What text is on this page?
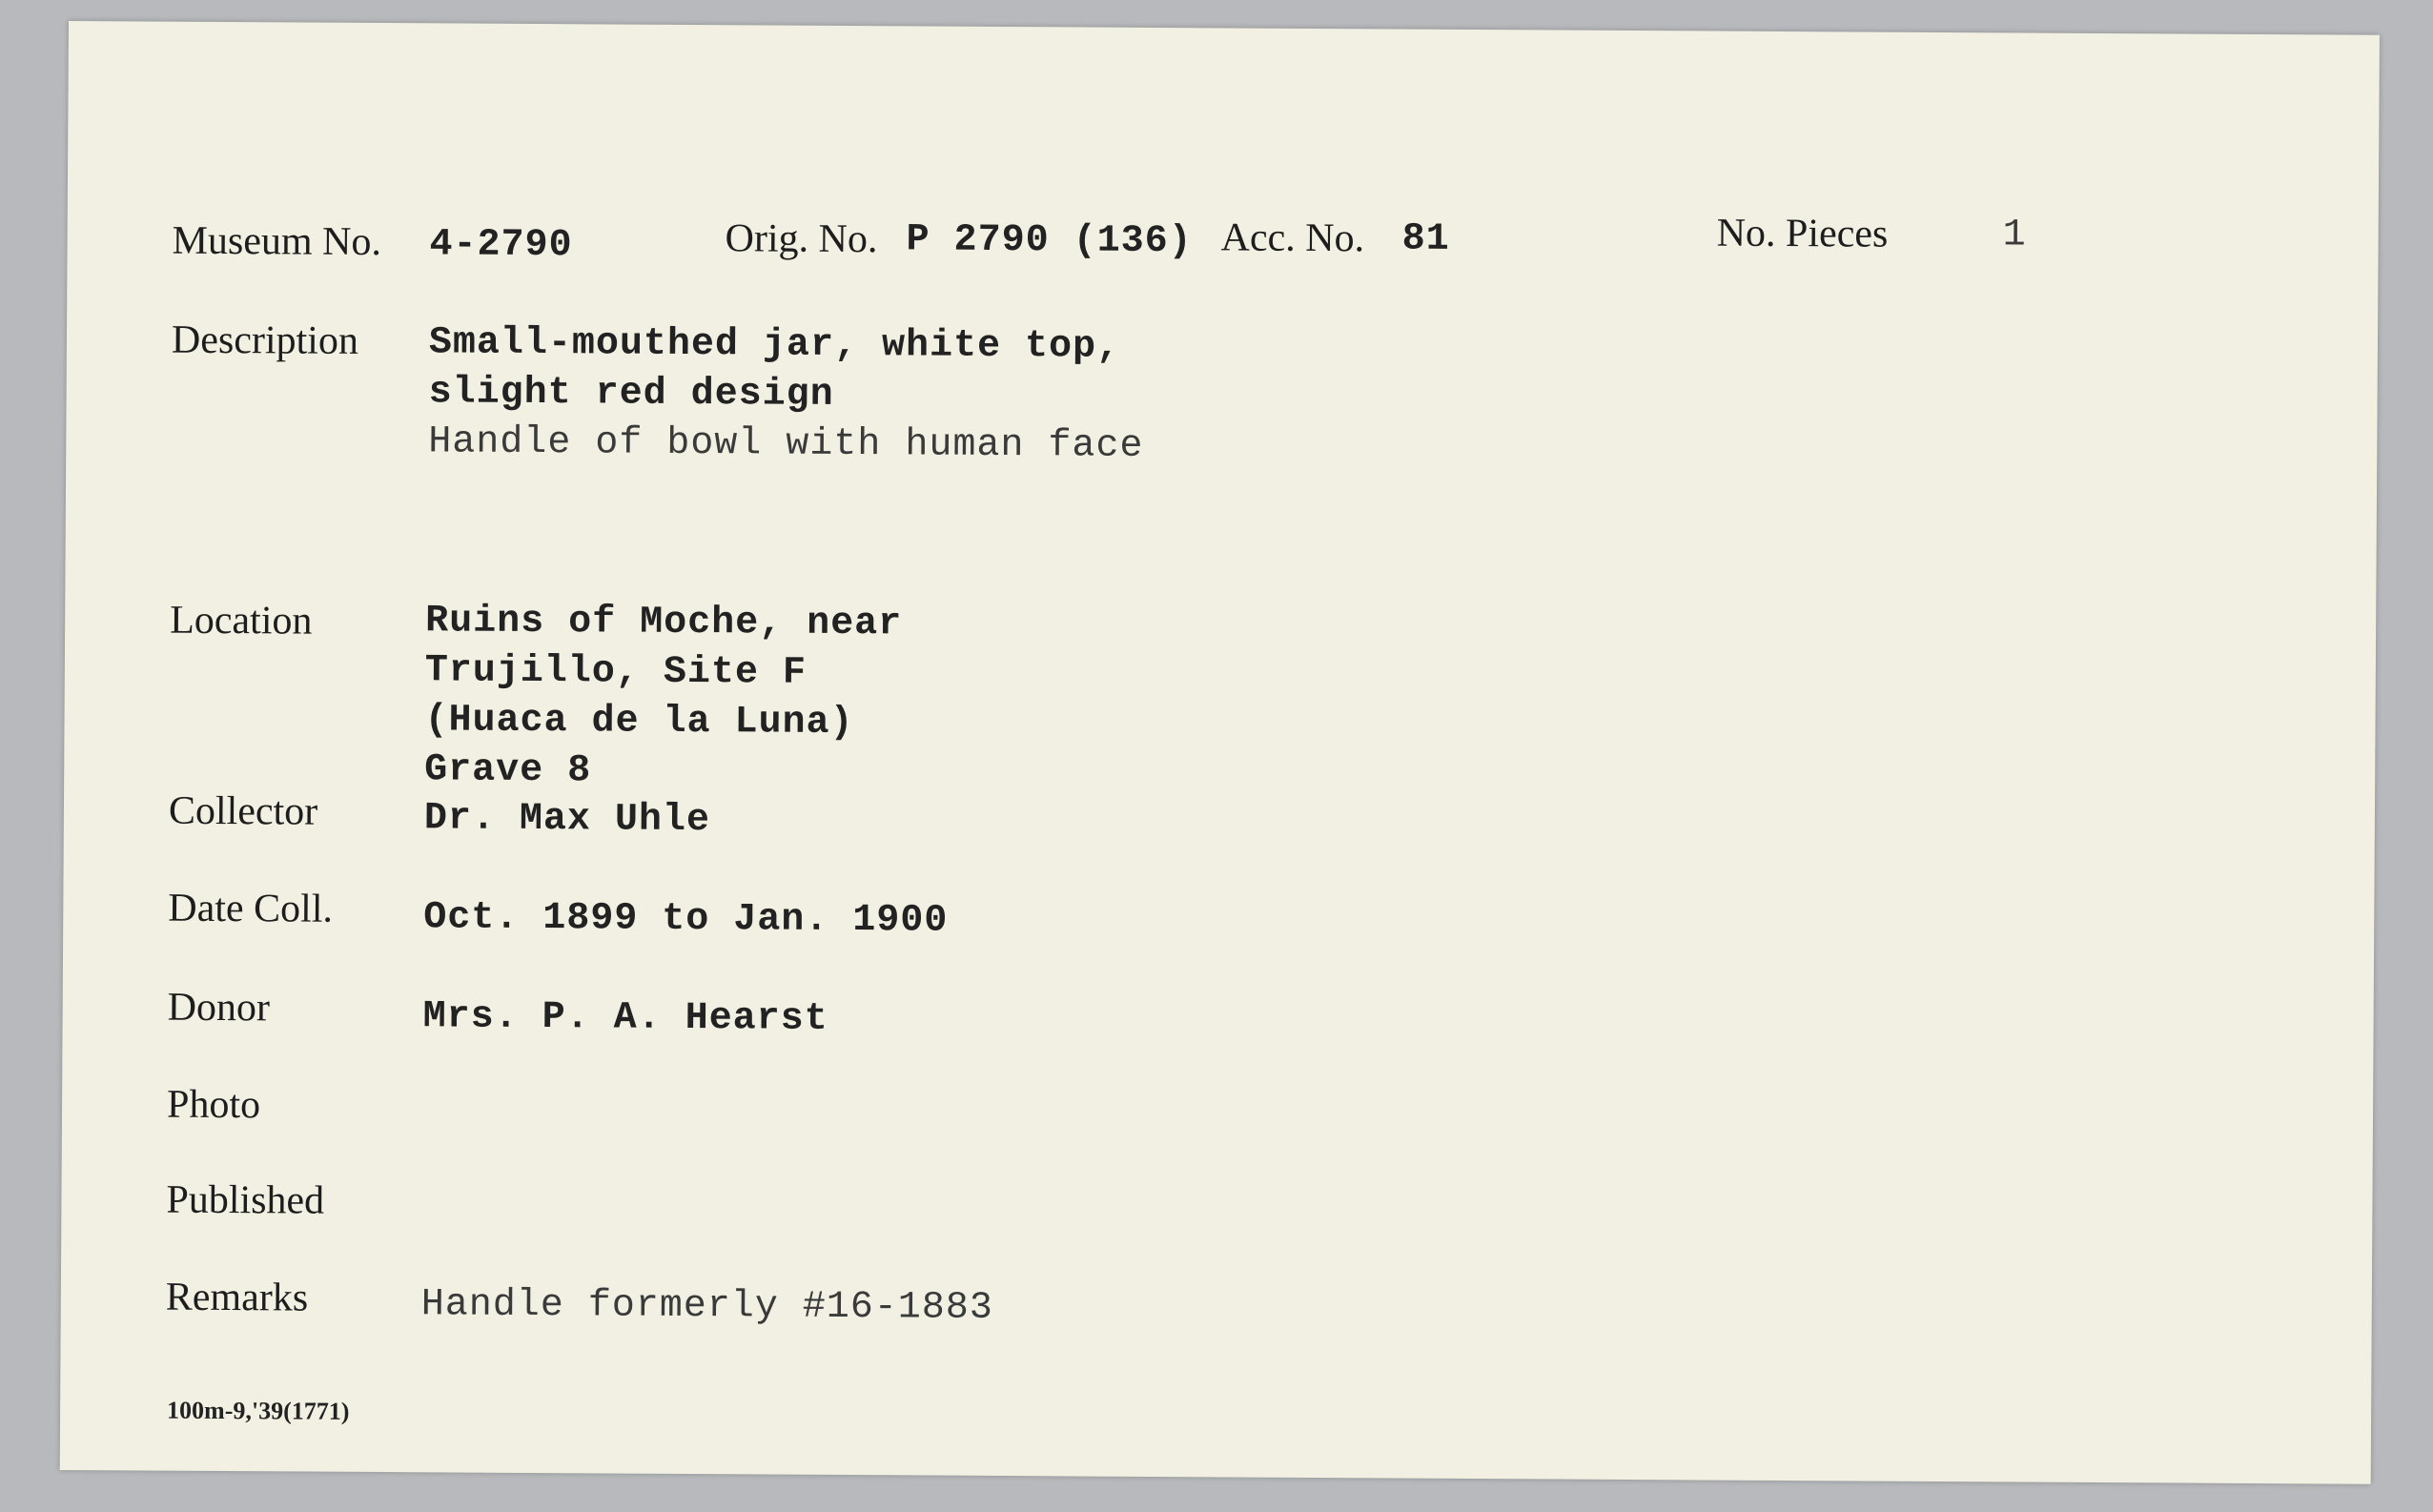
Museum No. 4-2790	Orig. No. P 2790 (136) Acc. No. 81	No. Pieces	1
Description Small-mouthed jar, white top,
slight red design
Handle of bowl with human face
Location	Ruins of Moche, near
Trujillo, Site F
(Huaca de la Luna)
Grave 8
Collector	Dr. Max Uhle
Date Coll. Oct. 1899 to Jan. 1900
Donor	Mrs. P. A. Hearst
Photo
Published
Remarks	Handle formerly #16-1883
100m-9,'39(1771)
